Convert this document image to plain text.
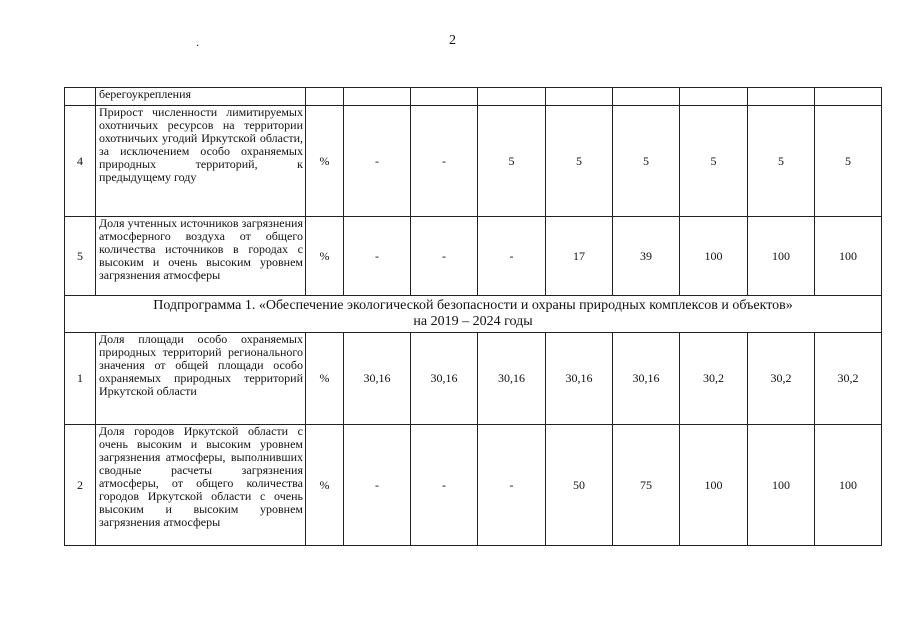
.	2
	берегоукрепления									
4	Прирост численности лимитируемых охотничьих ресурсов на территории охотничьих угодий Иркутской области, за исключением особо охраняемых природных территорий, к предыдущему году	%	-	-	5	5	5	5	5	5
5	Доля учтенных источников загрязнения атмосферного воздуха от общего количества источников в городах с высоким и очень высоким уровнем загрязнения атмосферы	%	-	-	-	17	39	100	100	100

Подпрограмма 1. «Обеспечение экологической безопасности и охраны природных комплексов и объектов»
на 2019 – 2024 годы										

1	Доля площади особо охраняемых природных территорий регионального значения от общей площади особо охраняемых природных территорий Иркутской области	%	30,16	30,16	30,16	30,16	30,16	30,2	30,2	30,2
2	Доля городов Иркутской области с очень высоким и высоким уровнем загрязнения атмосферы, выполнивших сводные расчеты загрязнения атмосферы, от общего количества городов Иркутской области с очень высоким и высоким уровнем загрязнения атмосферы	%	-	-	-	50	75	100	100	100
